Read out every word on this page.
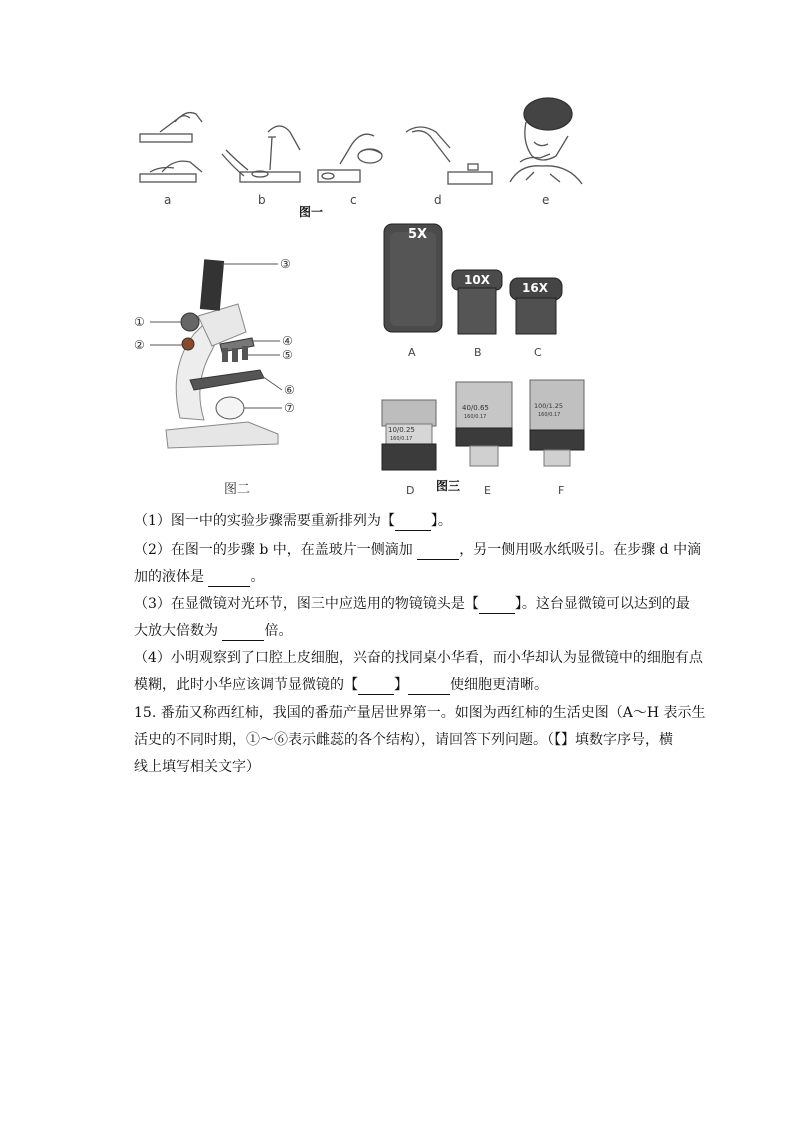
a	b	c	d	e
图一
③
①
②	④
⑤
⑥
⑦
图二
5X
10X
16X
10/0.25
160/0.17
40/0.65
160/0.17
100/1.25
160/0.17
A	B	C
D	E	F
图三
（1）图一中的实验步骤需要重新排列为【	】。
（2）在图一的步骤 b 中，在盖玻片一侧滴加	，另一侧用吸水纸吸引。在步骤 d 中滴
加的液体是	。
（3）在显微镜对光环节，图三中应选用的物镜镜头是【	】。这台显微镜可以达到的最
大放大倍数为	倍。
（4）小明观察到了口腔上皮细胞，兴奋的找同桌小华看，而小华却认为显微镜中的细胞有点
模糊，此时小华应该调节显微镜的【	】	使细胞更清晰。
15. 番茄又称西红柿，我国的番茄产量居世界第一。如图为西红柿的生活史图（A～H 表示生
活史的不同时期，①～⑥表示雌蕊的各个结构），请回答下列问题。（【】填数字序号，横
线上填写相关文字）
